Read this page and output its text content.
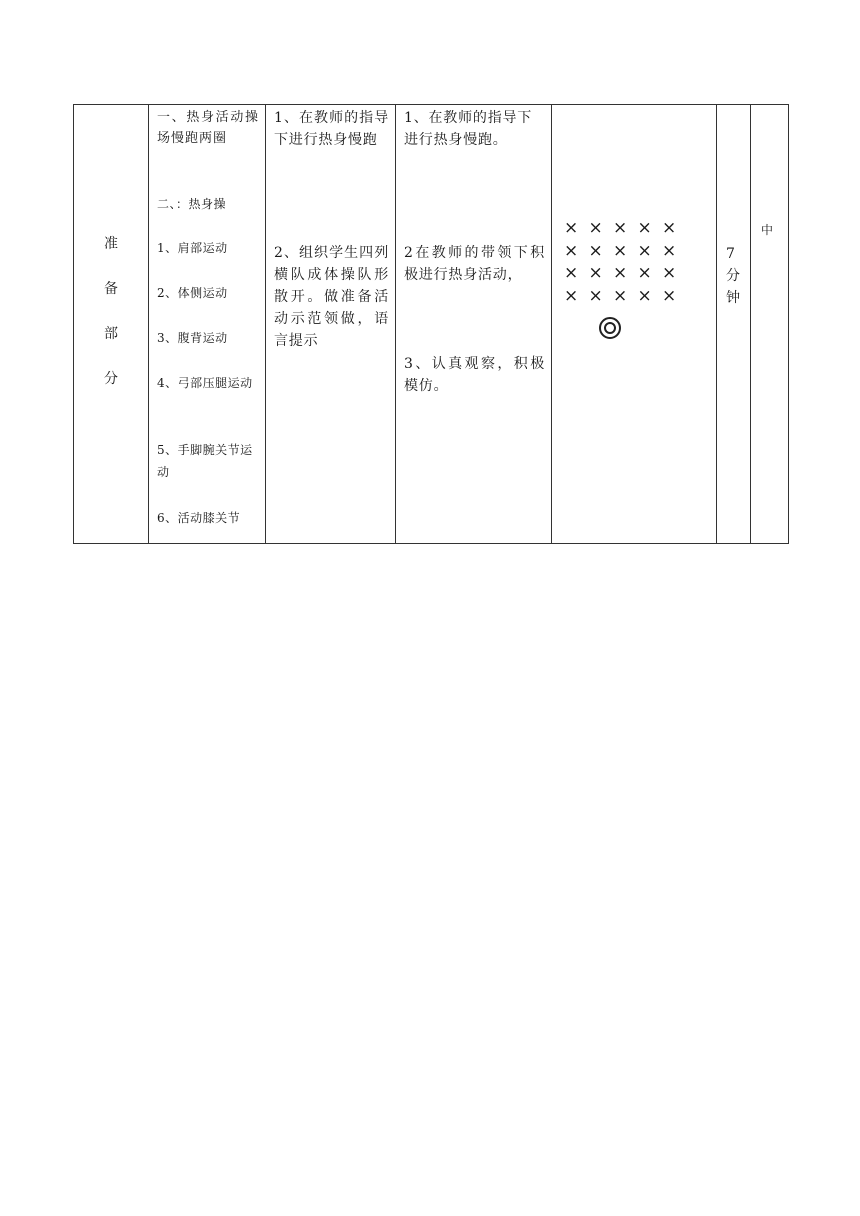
准
备
部
分

一、热身活动操场慢跑两圈
二、：热身操
1、肩部运动
2、体侧运动
3、腹背运动
4、弓部压腿运动
5、手脚腕关节运动
6、活动膝关节

1、在教师的指导下进行热身慢跑
2、组织学生四列横队成体操队形散开。做准备活动示范领做，语言提示

1、在教师的指导下进行热身慢跑。
2在教师的带领下积极进行热身活动，
3、认真观察，积极模仿。

× × × × ×
× × × × ×
× × × × ×
× × × × ×

7
分钟

中
